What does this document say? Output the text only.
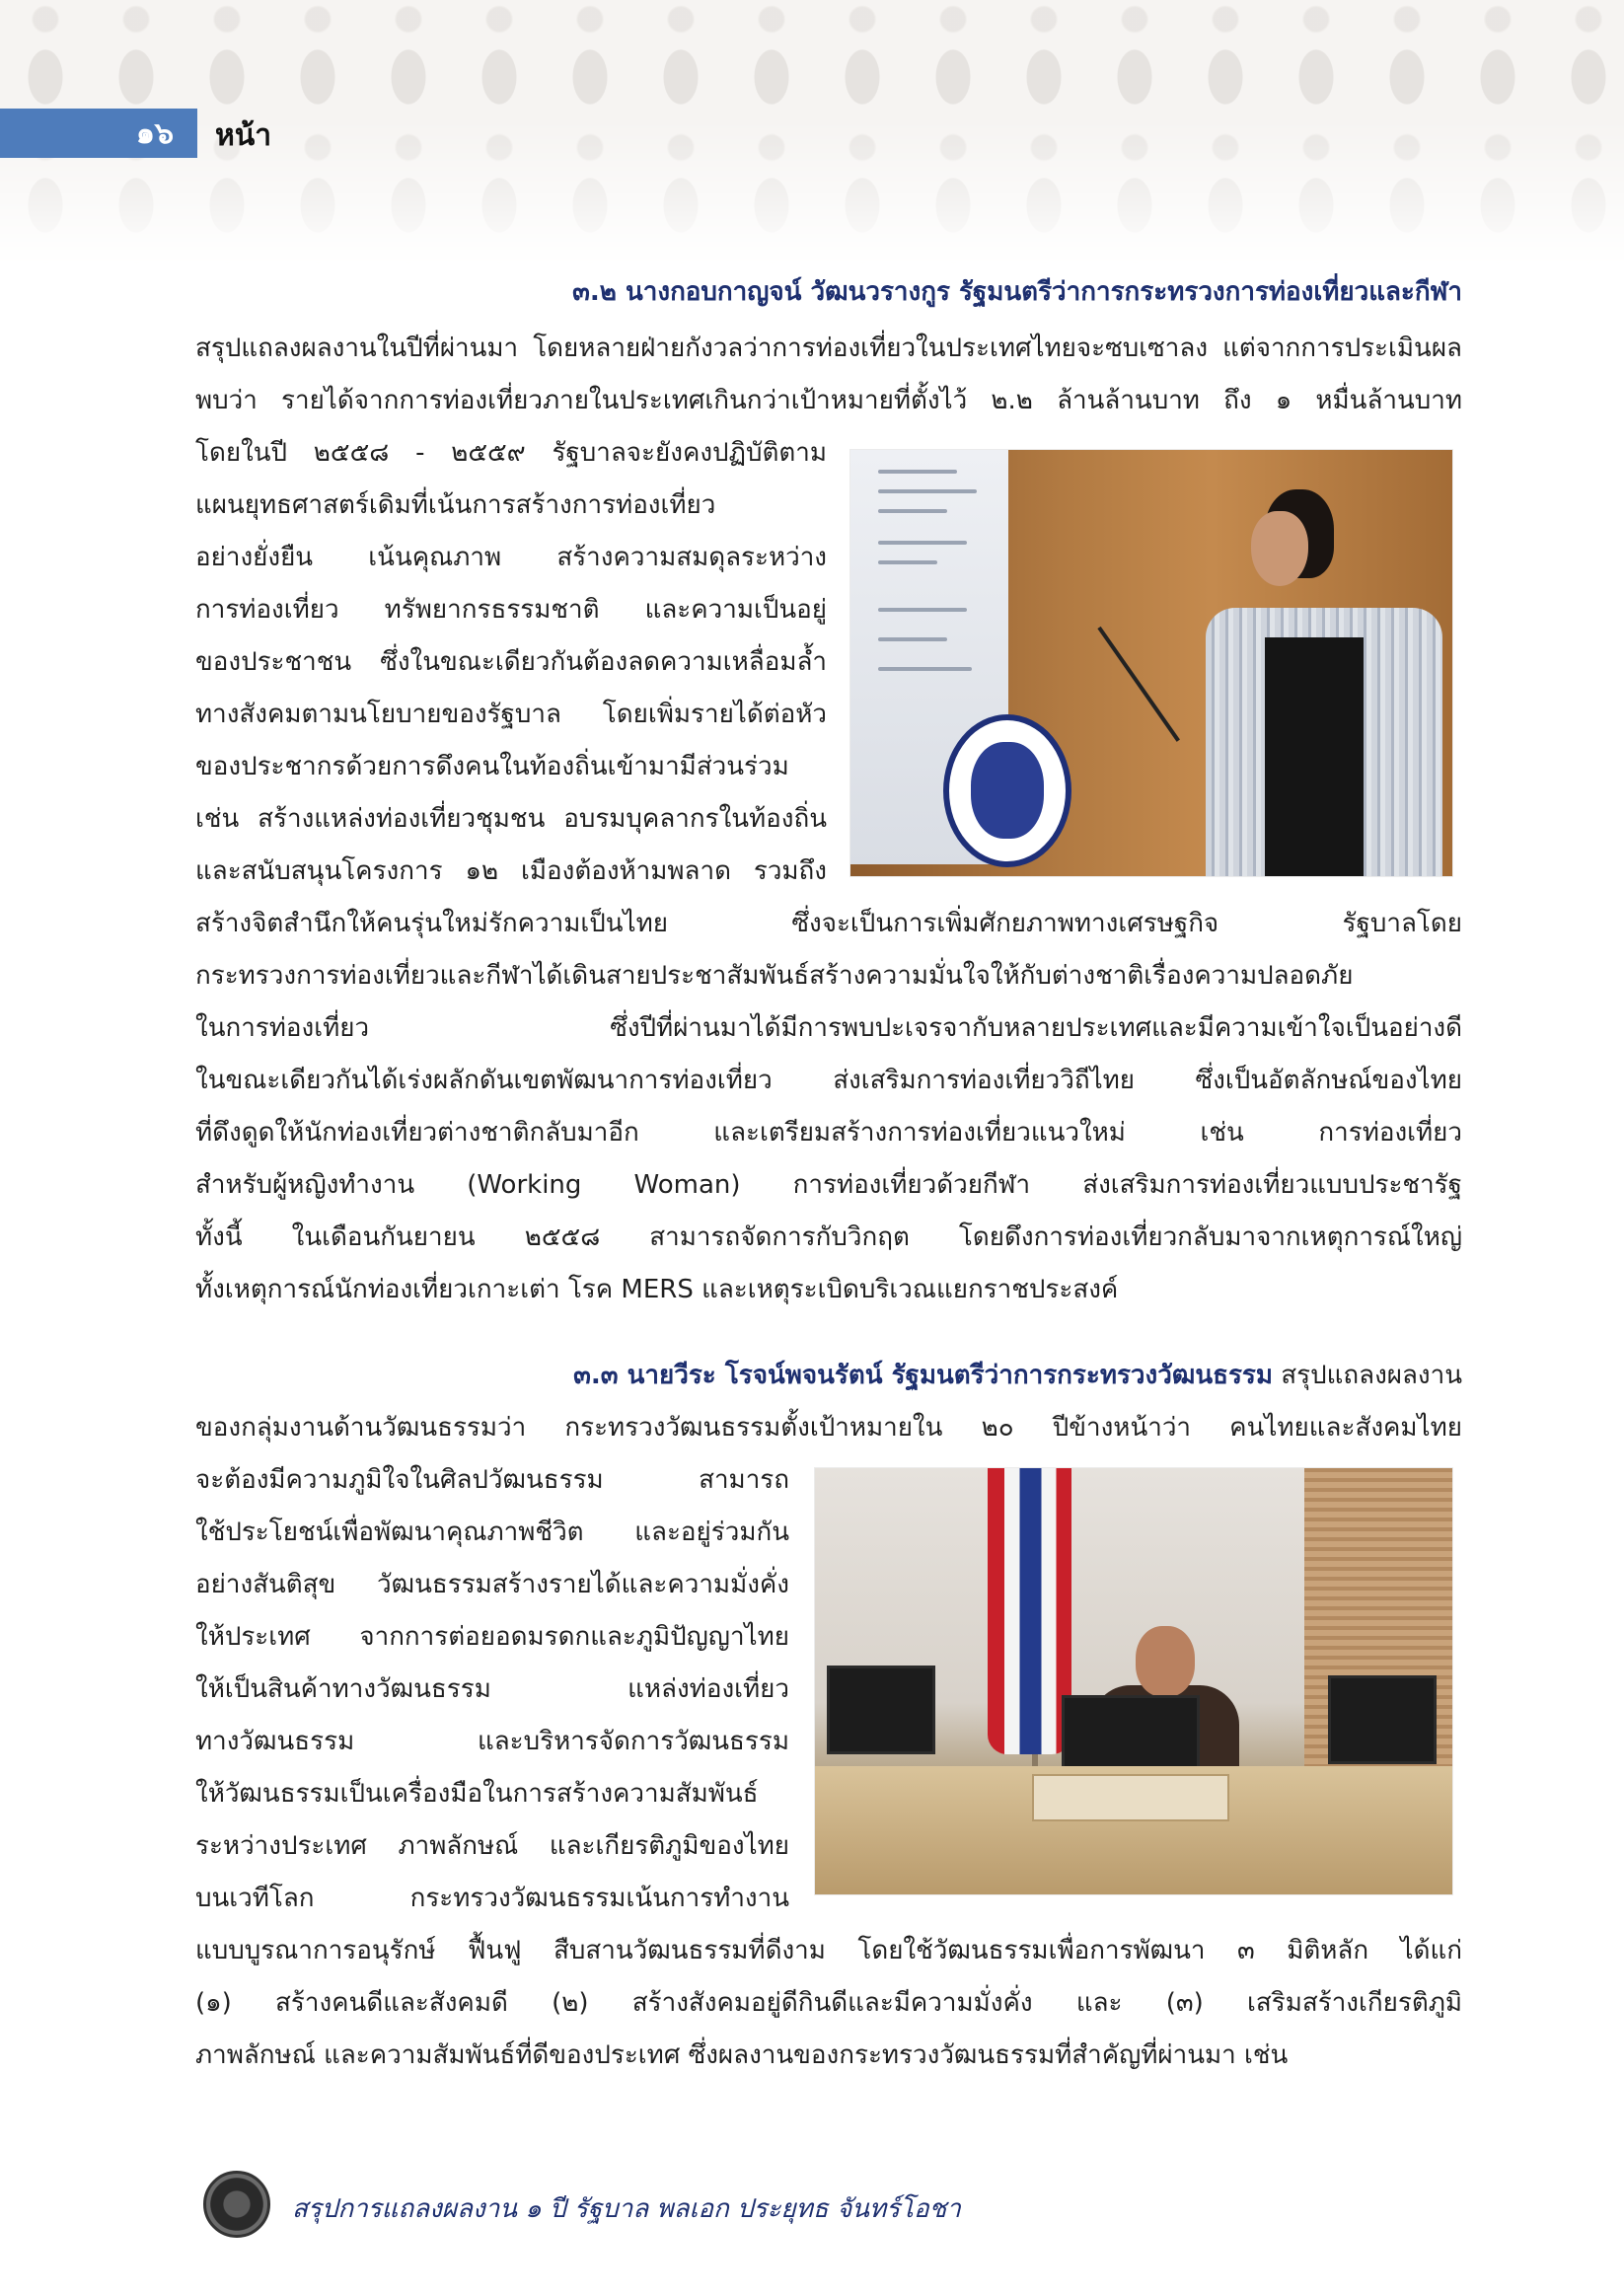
๑๖ หน้า
๓.๒ นางกอบกาญจน์ วัฒนวรางกูร รัฐมนตรีว่าการกระทรวงการท่องเที่ยวและกีฬา
สรุปแถลงผลงานในปีที่ผ่านมา โดยหลายฝ่ายกังวลว่าการท่องเที่ยวในประเทศไทยจะซบเซาลง แต่จากการประเมินผล
พบว่า รายได้จากการท่องเที่ยวภายในประเทศเกินกว่าเป้าหมายที่ตั้งไว้ ๒.๒ ล้านล้านบาท ถึง ๑ หมื่นล้านบาท
โดยในปี ๒๕๕๘ - ๒๕๕๙ รัฐบาลจะยังคงปฏิบัติตาม
แผนยุทธศาสตร์เดิมที่เน้นการสร้างการท่องเที่ยว
อย่างยั่งยืน เน้นคุณภาพ สร้างความสมดุลระหว่าง
การท่องเที่ยว ทรัพยากรธรรมชาติ และความเป็นอยู่
ของประชาชน ซึ่งในขณะเดียวกันต้องลดความเหลื่อมล้ำ
ทางสังคมตามนโยบายของรัฐบาล โดยเพิ่มรายได้ต่อหัว
ของประชากรด้วยการดึงคนในท้องถิ่นเข้ามามีส่วนร่วม
เช่น สร้างแหล่งท่องเที่ยวชุมชน อบรมบุคลากรในท้องถิ่น
และสนับสนุนโครงการ ๑๒ เมืองต้องห้ามพลาด รวมถึง
สร้างจิตสำนึกให้คนรุ่นใหม่รักความเป็นไทย ซึ่งจะเป็นการเพิ่มศักยภาพทางเศรษฐกิจ รัฐบาลโดย
กระทรวงการท่องเที่ยวและกีฬาได้เดินสายประชาสัมพันธ์สร้างความมั่นใจให้กับต่างชาติเรื่องความปลอดภัย
ในการท่องเที่ยว ซึ่งปีที่ผ่านมาได้มีการพบปะเจรจากับหลายประเทศและมีความเข้าใจเป็นอย่างดี
ในขณะเดียวกันได้เร่งผลักดันเขตพัฒนาการท่องเที่ยว ส่งเสริมการท่องเที่ยววิถีไทย ซึ่งเป็นอัตลักษณ์ของไทย
ที่ดึงดูดให้นักท่องเที่ยวต่างชาติกลับมาอีก และเตรียมสร้างการท่องเที่ยวแนวใหม่ เช่น การท่องเที่ยว
สำหรับผู้หญิงทำงาน (Working Woman) การท่องเที่ยวด้วยกีฬา ส่งเสริมการท่องเที่ยวแบบประชารัฐ
ทั้งนี้ ในเดือนกันยายน ๒๕๕๘ สามารถจัดการกับวิกฤต โดยดึงการท่องเที่ยวกลับมาจากเหตุการณ์ใหญ่
ทั้งเหตุการณ์นักท่องเที่ยวเกาะเต่า โรค MERS และเหตุระเบิดบริเวณแยกราชประสงค์
๓.๓ นายวีระ โรจน์พจนรัตน์ รัฐมนตรีว่าการกระทรวงวัฒนธรรม สรุปแถลงผลงาน
ของกลุ่มงานด้านวัฒนธรรมว่า กระทรวงวัฒนธรรมตั้งเป้าหมายใน ๒๐ ปีข้างหน้าว่า คนไทยและสังคมไทย
จะต้องมีความภูมิใจในศิลปวัฒนธรรม สามารถ
ใช้ประโยชน์เพื่อพัฒนาคุณภาพชีวิต และอยู่ร่วมกัน
อย่างสันติสุข วัฒนธรรมสร้างรายได้และความมั่งคั่ง
ให้ประเทศ จากการต่อยอดมรดกและภูมิปัญญาไทย
ให้เป็นสินค้าทางวัฒนธรรม แหล่งท่องเที่ยว
ทางวัฒนธรรม และบริหารจัดการวัฒนธรรม
ให้วัฒนธรรมเป็นเครื่องมือในการสร้างความสัมพันธ์
ระหว่างประเทศ ภาพลักษณ์ และเกียรติภูมิของไทย
บนเวทีโลก กระทรวงวัฒนธรรมเน้นการทำงาน
แบบบูรณาการอนุรักษ์ ฟื้นฟู สืบสานวัฒนธรรมที่ดีงาม โดยใช้วัฒนธรรมเพื่อการพัฒนา ๓ มิติหลัก ได้แก่
(๑) สร้างคนดีและสังคมดี (๒) สร้างสังคมอยู่ดีกินดีและมีความมั่งคั่ง และ (๓) เสริมสร้างเกียรติภูมิ
ภาพลักษณ์ และความสัมพันธ์ที่ดีของประเทศ ซึ่งผลงานของกระทรวงวัฒนธรรมที่สำคัญที่ผ่านมา เช่น
สรุปการแถลงผลงาน ๑ ปี รัฐบาล พลเอก ประยุทธ จันทร์โอชา
